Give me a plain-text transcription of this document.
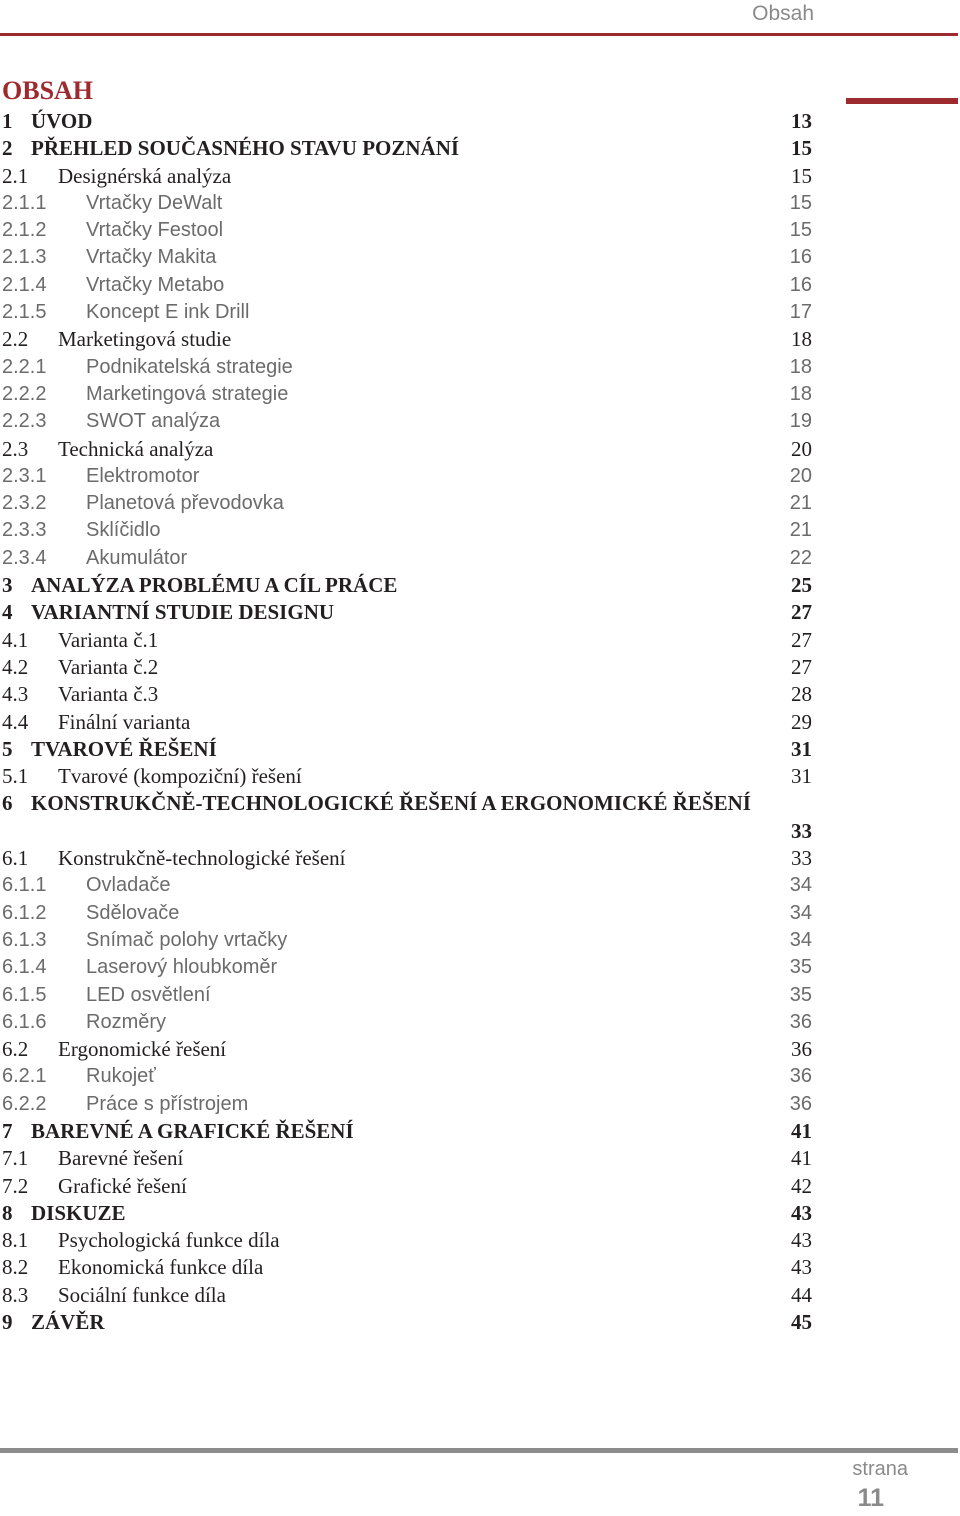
Obsah
OBSAH
1 ÚVOD	13
2 PŘEHLED SOUČASNÉHO STAVU POZNÁNÍ	15
2.1 Designérská analýza	15
2.1.1 Vrtačky DeWalt	15
2.1.2 Vrtačky Festool	15
2.1.3 Vrtačky Makita	16
2.1.4 Vrtačky Metabo	16
2.1.5 Koncept E ink Drill	17
2.2 Marketingová studie	18
2.2.1 Podnikatelská strategie	18
2.2.2 Marketingová strategie	18
2.2.3 SWOT analýza	19
2.3 Technická analýza	20
2.3.1 Elektromotor	20
2.3.2 Planetová převodovka	21
2.3.3 Sklíčidlo	21
2.3.4 Akumulátor	22
3 ANALÝZA PROBLÉMU A CÍL PRÁCE	25
4 VARIANTNÍ STUDIE DESIGNU	27
4.1 Varianta č.1	27
4.2 Varianta č.2	27
4.3 Varianta č.3	28
4.4 Finální varianta	29
5 TVAROVÉ ŘEŠENÍ	31
5.1 Tvarové (kompoziční) řešení	31
6 KONSTRUKČNĚ-TECHNOLOGICKÉ ŘEŠENÍ A ERGONOMICKÉ ŘEŠENÍ
33
6.1 Konstrukčně-technologické řešení	33
6.1.1 Ovladače	34
6.1.2 Sdělovače	34
6.1.3 Snímač polohy vrtačky	34
6.1.4 Laserový hloubkoměr	35
6.1.5 LED osvětlení	35
6.1.6 Rozměry	36
6.2 Ergonomické řešení	36
6.2.1 Rukojeť	36
6.2.2 Práce s přístrojem	36
7 BAREVNÉ A GRAFICKÉ ŘEŠENÍ	41
7.1 Barevné řešení	41
7.2 Grafické řešení	42
8 DISKUZE	43
8.1 Psychologická funkce díla	43
8.2 Ekonomická funkce díla	43
8.3 Sociální funkce díla	44
9 ZÁVĚR	45
strana
11
